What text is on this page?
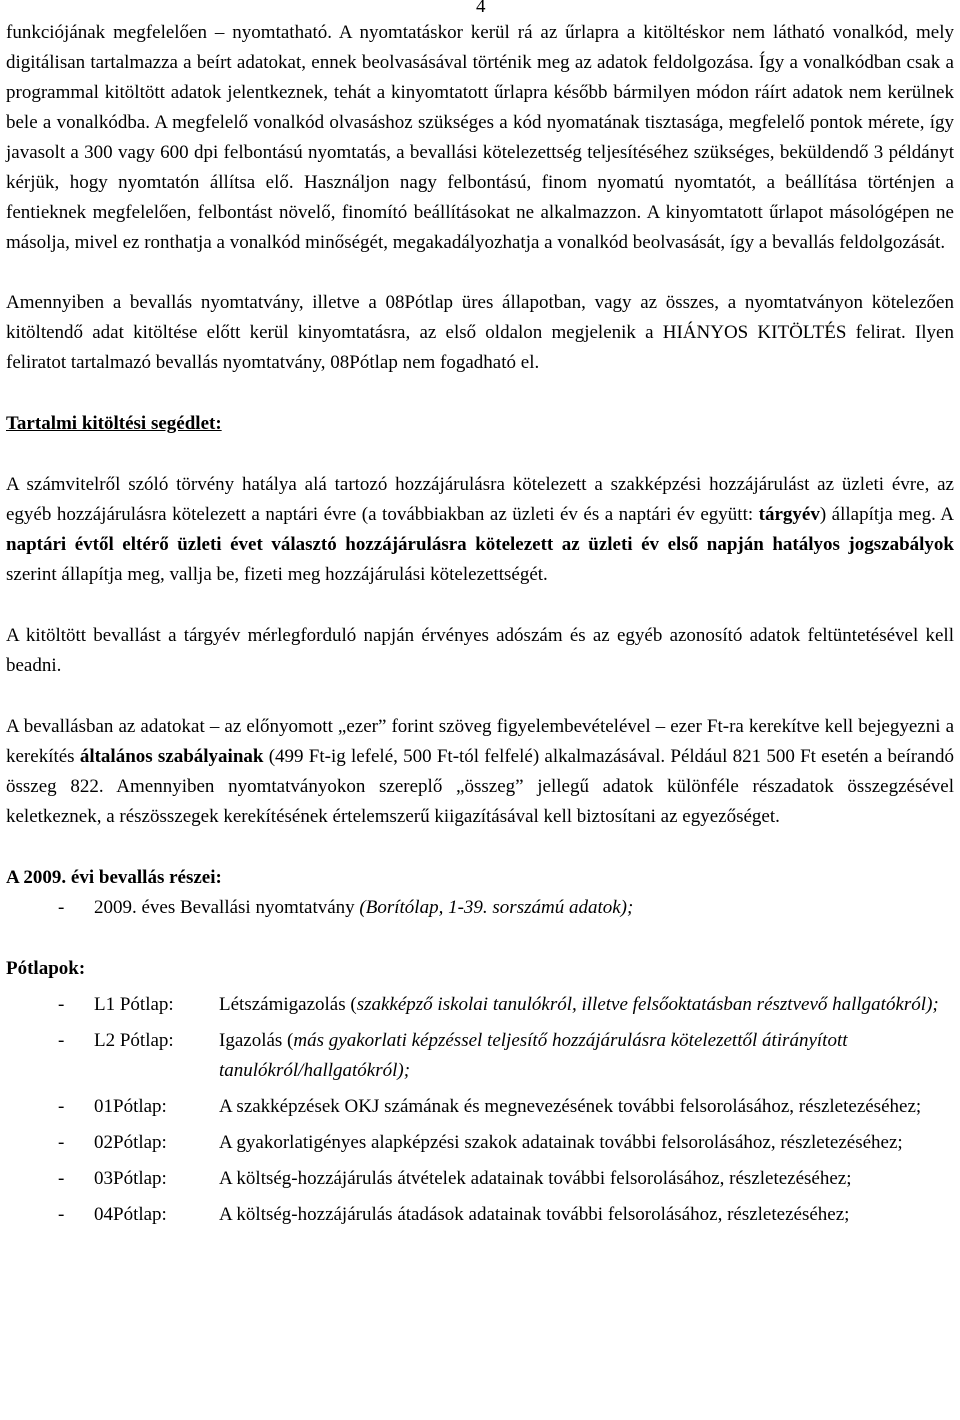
4

funkciójának megfelelően – nyomtatható. A nyomtatáskor kerül rá az űrlapra a kitöltéskor nem látható vonalkód, mely digitálisan tartalmazza a beírt adatokat, ennek beolvasásával történik meg az adatok feldolgozása. Így a vonalkódban csak a programmal kitöltött adatok jelentkeznek, tehát a kinyomtatott űrlapra később bármilyen módon ráírt adatok nem kerülnek bele a vonalkódba. A megfelelő vonalkód olvasáshoz szükséges a kód nyomatának tisztasága, megfelelő pontok mérete, így javasolt a 300 vagy 600 dpi felbontású nyomtatás, a bevallási kötelezettség teljesítéséhez szükséges, beküldendő 3 példányt kérjük, hogy nyomtatón állítsa elő. Használjon nagy felbontású, finom nyomatú nyomtatót, a beállítása történjen a fentieknek megfelelően, felbontást növelő, finomító beállításokat ne alkalmazzon. A kinyomtatott űrlapot másológépen ne másolja, mivel ez ronthatja a vonalkód minőségét, megakadályozhatja a vonalkód beolvasását, így a bevallás feldolgozását.

Amennyiben a bevallás nyomtatvány, illetve a 08Pótlap üres állapotban, vagy az összes, a nyomtatványon kötelezően kitöltendő adat kitöltése előtt kerül kinyomtatásra, az első oldalon megjelenik a HIÁNYOS KITÖLTÉS felirat. Ilyen feliratot tartalmazó bevallás nyomtatvány, 08Pótlap nem fogadható el.

Tartalmi kitöltési segédlet:

A számvitelről szóló törvény hatálya alá tartozó hozzájárulásra kötelezett a szakképzési hozzájárulást az üzleti évre, az egyéb hozzájárulásra kötelezett a naptári évre (a továbbiakban az üzleti év és a naptári év együtt: tárgyév) állapítja meg. A naptári évtől eltérő üzleti évet választó hozzájárulásra kötelezett az üzleti év első napján hatályos jogszabályok szerint állapítja meg, vallja be, fizeti meg hozzájárulási kötelezettségét.

A kitöltött bevallást a tárgyév mérlegforduló napján érvényes adószám és az egyéb azonosító adatok feltüntetésével kell beadni.

A bevallásban az adatokat – az előnyomott „ezer” forint szöveg figyelembevételével – ezer Ft-ra kerekítve kell bejegyezni a kerekítés általános szabályainak (499 Ft-ig lefelé, 500 Ft-tól felfelé) alkalmazásával. Például 821 500 Ft esetén a beírandó összeg 822. Amennyiben nyomtatványokon szereplő „összeg” jellegű adatok különféle részadatok összegzésével keletkeznek, a részösszegek kerekítésének értelemszerű kiigazításával kell biztosítani az egyezőséget.

A 2009. évi bevallás részei:

-	2009. éves Bevallási nyomtatvány (Borítólap, 1-39. sorszámú adatok);

Pótlapok:

-	L1 Pótlap:	Létszámigazolás (szakképző iskolai tanulókról, illetve felsőoktatásban résztvevő hallgatókról);
-	L2 Pótlap:	Igazolás (más gyakorlati képzéssel teljesítő hozzájárulásra kötelezettől átirányított tanulókról/hallgatókról);
-	01Pótlap:	A szakképzések OKJ számának és megnevezésének további felsorolásához, részletezéséhez;
-	02Pótlap:	A gyakorlatigényes alapképzési szakok adatainak további felsorolásához, részletezéséhez;
-	03Pótlap:	A költség-hozzájárulás átvételek adatainak további felsorolásához, részletezéséhez;
-	04Pótlap:	A költség-hozzájárulás átadások adatainak további felsorolásához, részletezéséhez;
